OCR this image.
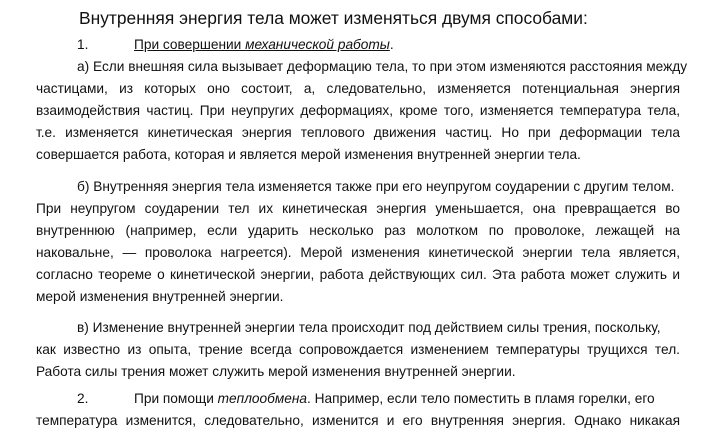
Внутренняя энергия тела может изменяться двумя способами:
1.	При совершении механической работы.
а) Если внешняя сила вызывает деформацию тела, то при этом изменяются расстояния между
частицами, из которых оно состоит, а, следовательно, изменяется потенциальная энергия
взаимодействия частиц. При неупругих деформациях, кроме того, изменяется температура тела,
т.е. изменяется кинетическая энергия теплового движения частиц. Но при деформации тела
совершается работа, которая и является мерой изменения внутренней энергии тела.
б) Внутренняя энергия тела изменяется также при его неупругом соударении с другим телом.
При неупругом соударении тел их кинетическая энергия уменьшается, она превращается во
внутреннюю (например, если ударить несколько раз молотком по проволоке, лежащей на
наковальне, — проволока нагреется). Мерой изменения кинетической энергии тела является,
согласно теореме о кинетической энергии, работа действующих сил. Эта работа может служить и
мерой изменения внутренней энергии.
в) Изменение внутренней энергии тела происходит под действием силы трения, поскольку,
как известно из опыта, трение всегда сопровождается изменением температуры трущихся тел.
Работа силы трения может служить мерой изменения внутренней энергии.
2.	При помощи теплообмена. Например, если тело поместить в пламя горелки, его
температура изменится, следовательно, изменится и его внутренняя энергия. Однако никакая
